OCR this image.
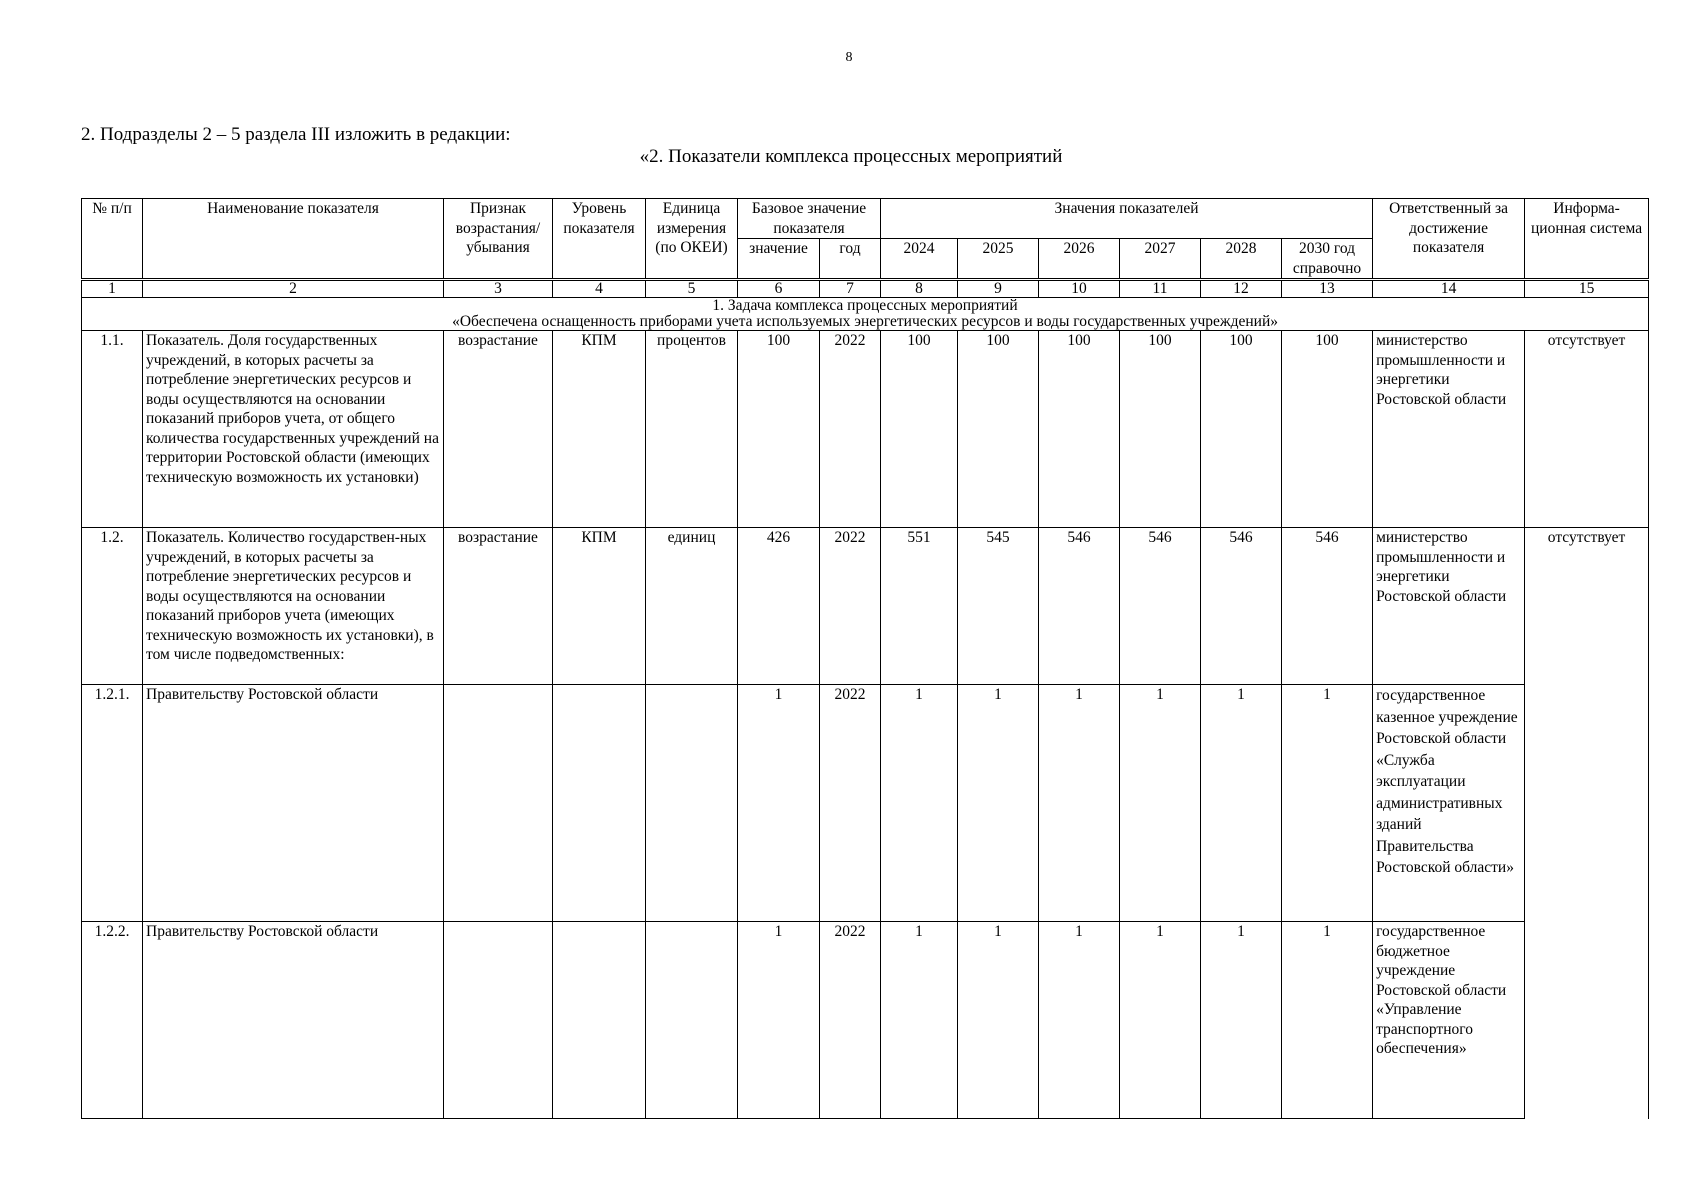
8
2. Подразделы 2 – 5 раздела III изложить в редакции:
«2. Показатели комплекса процессных мероприятий
№ п/п	Наименование показателя	Признак возрастания/ убывания	Уровень показателя	Единица измерения (по ОКЕИ)	Базовое значение показателя		Значения показателей						Ответственный за достижение показателя	Информа-ционная система

					значение	год	2024	2025	2026	2027	2028	2030 год справочно		
1	2	3	4	5	6	7	8	9	10	11	12	13	14	15

1. Задача комплекса процессных мероприятий
«Обеспечена оснащенность приборами учета используемых энергетических ресурсов и воды государственных учреждений»														

1.1.	Показатель. Доля государственных учреждений, в которых расчеты за потребление энергетических ресурсов и воды осуществляются на основании показаний приборов учета, от общего количества государственных учреждений на территории Ростовской области (имеющих техническую возможность их установки)	возрастание	КПМ	процентов	100	2022	100	100	100	100	100	100	министерство промышленности и энергетики Ростовской области	отсутствует
1.2.	Показатель. Количество государствен-ных учреждений, в которых расчеты за потребление энергетических ресурсов и воды осуществляются на основании показаний приборов учета (имеющих техническую возможность их установки), в том числе подведомственных:	возрастание	КПМ	единиц	426	2022	551	545	546	546	546	546	министерство промышленности и энергетики Ростовской области	отсутствует
1.2.1.	Правительству Ростовской области				1	2022	1	1	1	1	1	1	государственное казенное учреждение Ростовской области «Служба эксплуатации административных зданий Правительства Ростовской области»	
1.2.2.	Правительству Ростовской области				1	2022	1	1	1	1	1	1	государственное бюджетное учреждение Ростовской области «Управление транспортного обеспечения»	
